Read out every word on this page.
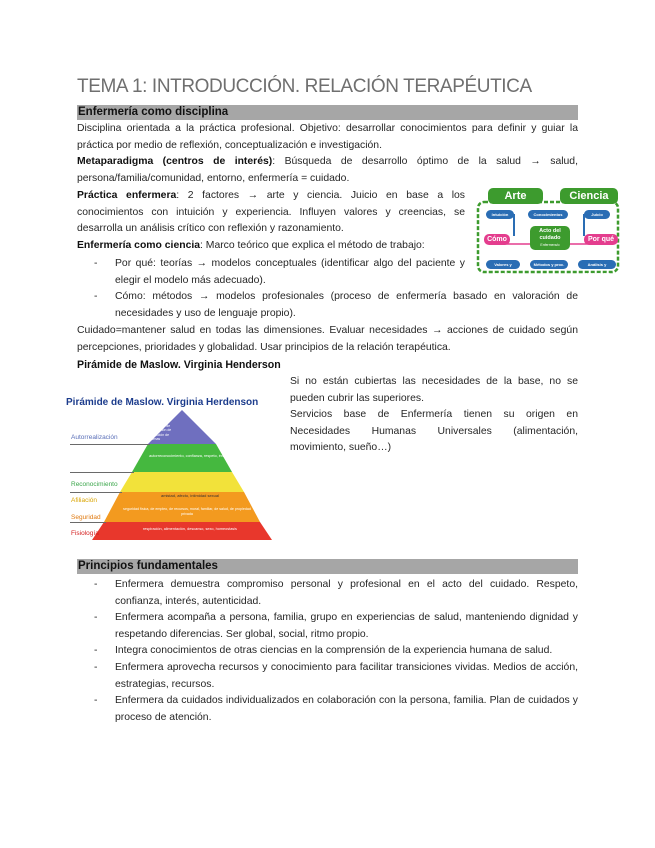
TEMA 1: INTRODUCCIÓN. RELACIÓN TERAPÉUTICA
Enfermería como disciplina

Disciplina orientada a la práctica profesional. Objetivo: desarrollar conocimientos para definir y guiar la práctica por medio de reflexión, conceptualización e investigación.

Metaparadigma (centros de interés): Búsqueda de desarrollo óptimo de la salud → salud, persona/familia/comunidad, entorno, enfermería = cuidado.

Práctica enfermera: 2 factores → arte y ciencia. Juicio en base a los conocimientos con intuición y experiencia. Influyen valores y creencias, se desarrolla un análisis crítico con reflexión y razonamiento.

Enfermería como ciencia: Marco teórico que explica el método de trabajo:

- Por qué: teorías → modelos conceptuales (identificar algo del paciente y elegir el modelo más adecuado).
- Cómo: métodos → modelos profesionales (proceso de enfermería basado en valoración de necesidades y uso de lenguaje propio).

Cuidado=mantener salud en todas las dimensiones. Evaluar necesidades → acciones de cuidado según percepciones, prioridades y globalidad. Usar principios de la relación terapéutica.

Arte	Ciencia
Intuición	Conocimientos	Juicio
Acto del cuidado
Enfermera/o
Cómo	Por qué
Valores y creencias
Métodos y proc.	Análisis y razonamiento
Pirámide de Maslow. Virginia Henderson
Pirámide de Maslow. Virginia Herdenson
moralidad, creatividad, espontaneidad, falta de prejuicios, aceptación de hechos, resolución de problemas
autorreconocimiento, confianza, respeto, éxito
amistad, afecto, intimidad sexual
seguridad física, de empleo, de recursos, moral, familiar, de salud, de propiedad privada
respiración, alimentación, descanso, sexo, homeostasis
Autorrealización
Reconocimiento
Afiliación
Seguridad
Fisiología

Si no están cubiertas las necesidades de la base, no se pueden cubrir las superiores.

Servicios base de Enfermería tienen su origen en Necesidades Humanas Universales (alimentación, movimiento, sueño…)

Principios fundamentales
- Enfermera demuestra compromiso personal y profesional en el acto del cuidado. Respeto, confianza, interés, autenticidad.
- Enfermera acompaña a persona, familia, grupo en experiencias de salud, manteniendo dignidad y respetando diferencias. Ser global, social, ritmo propio.
- Integra conocimientos de otras ciencias en la comprensión de la experiencia humana de salud.
- Enfermera aprovecha recursos y conocimiento para facilitar transiciones vividas. Medios de acción, estrategias, recursos.
- Enfermera da cuidados individualizados en colaboración con la persona, familia. Plan de cuidados y proceso de atención.
